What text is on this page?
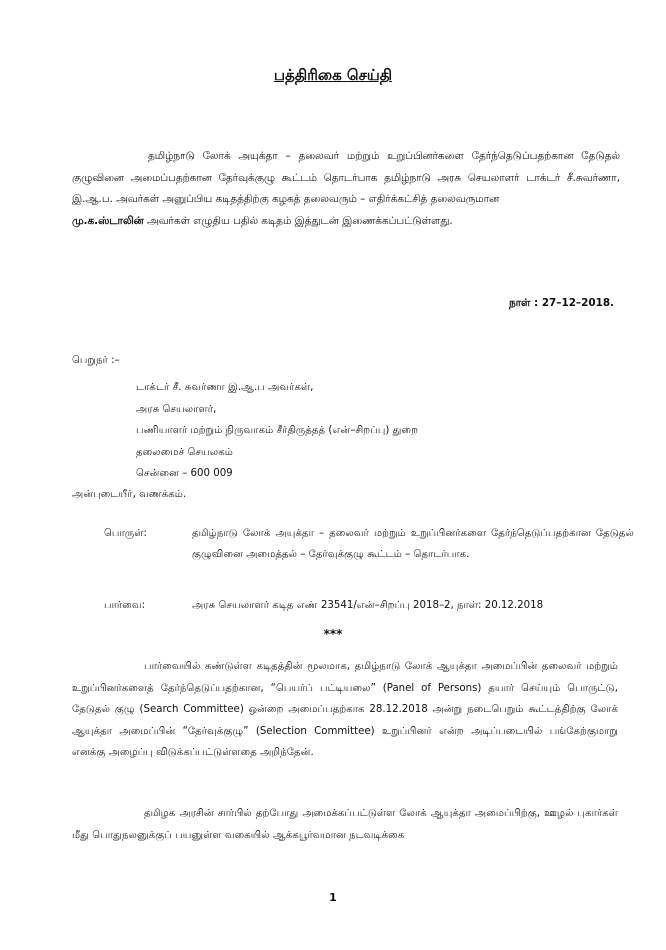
பத்திரிகை செய்தி

தமிழ்நாடு லோக் அயுக்தா – தலைவர் மற்றும் உறுப்பினர்களை தேர்ந்தெடுப்பதற்கான தேடுதல் குழுவினை அமைப்பதற்கான தேர்வுக்குழு கூட்டம் தொடர்பாக தமிழ்நாடு அரசு செயலாளர் டாக்டர் சீ.சுவர்ணா, இ.ஆ.ப. அவர்கள் அனுப்பிய கடிதத்திற்கு கழகத் தலைவரும் – எதிர்க்கட்சித் தலைவருமான
மு.க.ஸ்டாலின் அவர்கள் எழுதிய பதில் கடிதம் இத்துடன் இணைக்கப்பட்டுள்ளது.

நாள் : 27–12–2018.
பெறுநர் :–
டாக்டர் சீ. சுவர்ணா இ.ஆ.ப அவர்கள்,
அரசு செயலாளர்,
பணியாளர் மற்றும் நிருவாகம் சீர்திருத்தத் (என்–சிறப்பு) துறை
தலைமைச் செயலகம்
சென்னை – 600 009
அன்புடையீர், வணக்கம்.
பொருள்:	தமிழ்நாடு லோக் அயுக்தா – தலைவர் மற்றும் உறுப்பினர்களை தேர்ந்தெடுப்பதற்கான தேடுதல் குழுவினை அமைத்தல் – தேர்வுக்குழு கூட்டம் – தொடர்பாக.
பார்வை:	அரசு செயலாளர் கடித எண் 23541/என்–சிறப்பு 2018–2, நாள்: 20.12.2018
***

பார்வையில் கண்டுள்ள கடிதத்தின் மூலமாக, தமிழ்நாடு லோக் ஆயுக்தா அமைப்பின் தலைவர் மற்றும் உறுப்பினர்களைத் தேர்ந்தெடுப்பதற்கான, “பெயர்ப் பட்டியலை” (Panel of Persons) தயார் செய்யும் பொருட்டு, தேடுதல் குழு (Search Committee) ஒன்றை அமைப்பதற்காக 28.12.2018 அன்று நடைபெறும் கூட்டத்திற்கு லோக் ஆயுக்தா அமைப்பின் “தேர்வுக்குழு” (Selection Committee) உறுப்பினர் என்ற அடிப்படையில் பங்கேற்குமாறு எனக்கு அழைப்பு விடுக்கப்பட்டுள்ளதை அறிந்தேன்.

தமிழக அரசின் சார்பில் தற்போது அமைக்கப்பட்டுள்ள லோக் ஆயுக்தா அமைப்பிற்கு, ஊழல் புகார்கள் மீது பொதுநலனுக்குப் பயனுள்ள வகையில் ஆக்கபூர்வமான நடவடிக்கை

1
